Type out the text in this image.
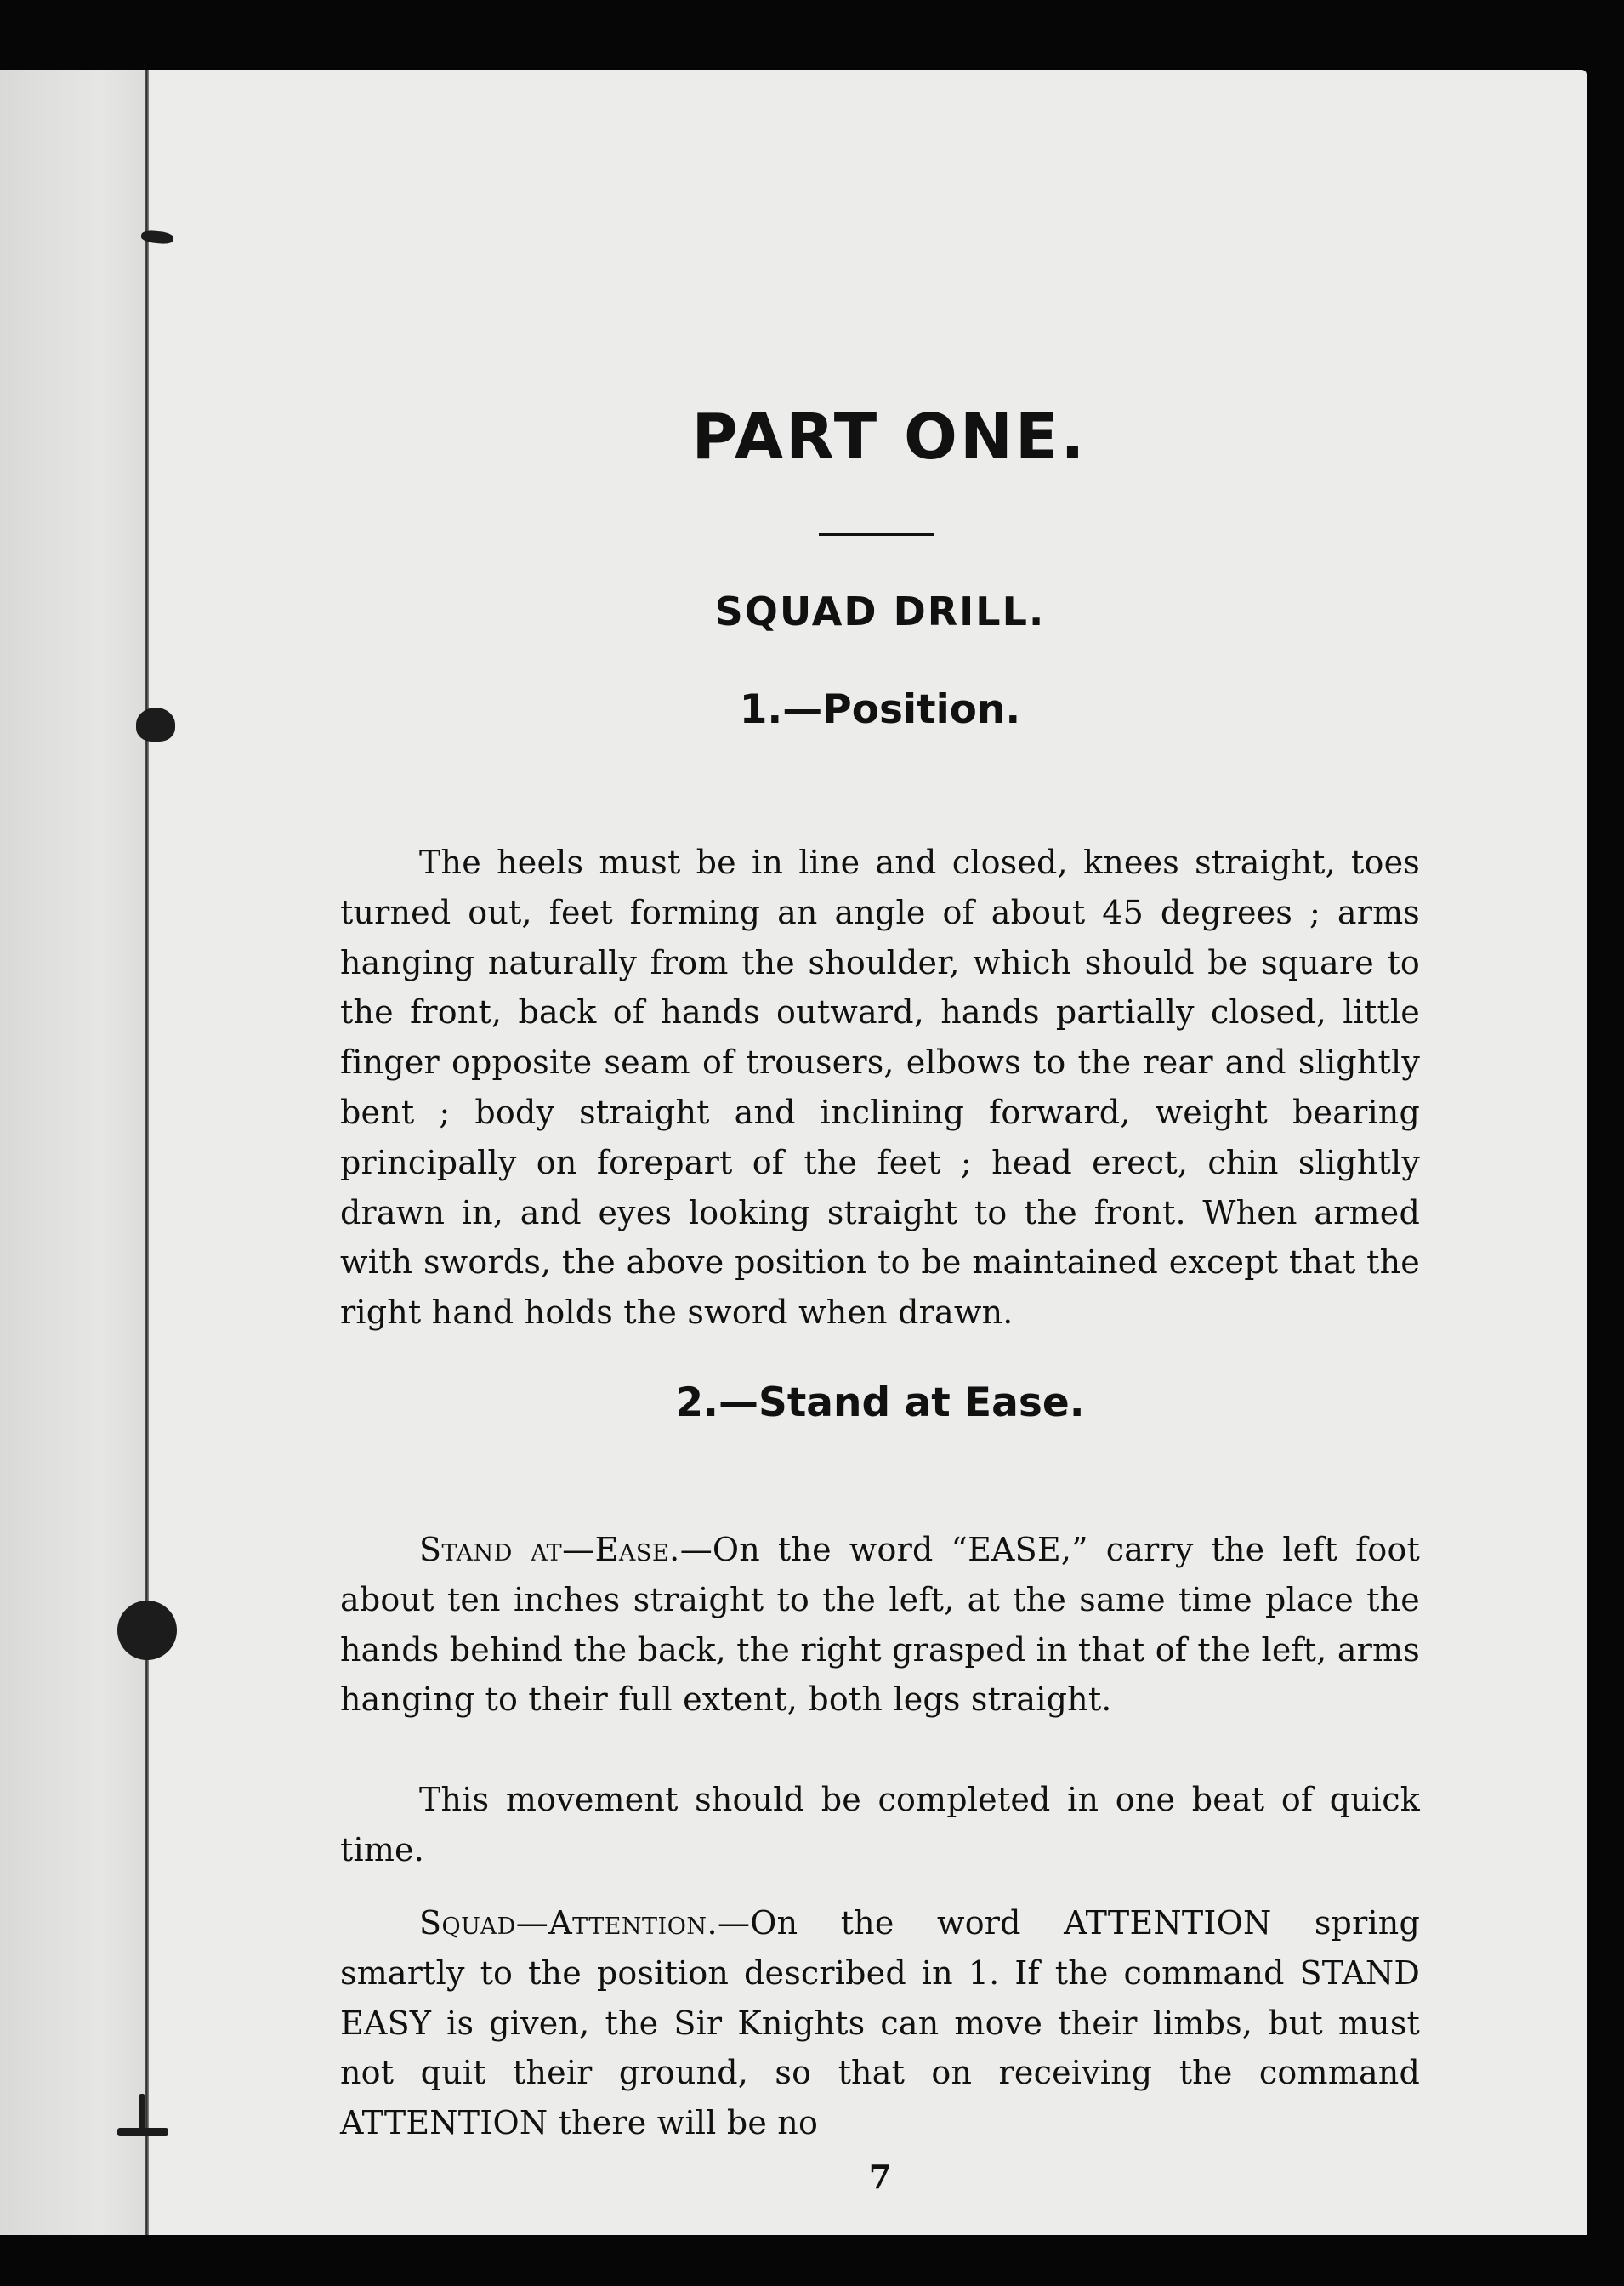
PART ONE.
SQUAD DRILL.
1.—Position.

The heels must be in line and closed, knees straight, toes turned out, feet forming an angle of about 45 degrees ; arms hanging naturally from the shoulder, which should be square to the front, back of hands outward, hands partially closed, little finger opposite seam of trousers, elbows to the rear and slightly bent ; body straight and inclining forward, weight bearing principally on forepart of the feet ; head erect, chin slightly drawn in, and eyes looking straight to the front. When armed with swords, the above position to be maintained except that the right hand holds the sword when drawn.

2.—Stand at Ease.

Stand at—Ease.—On the word “EASE,” carry the left foot about ten inches straight to the left, at the same time place the hands behind the back, the right grasped in that of the left, arms hanging to their full extent, both legs straight.

This movement should be completed in one beat of quick time.

Squad—Attention.—On the word ATTENTION spring smartly to the position described in 1. If the command STAND EASY is given, the Sir Knights can move their limbs, but must not quit their ground, so that on receiving the command ATTENTION there will be no

7
